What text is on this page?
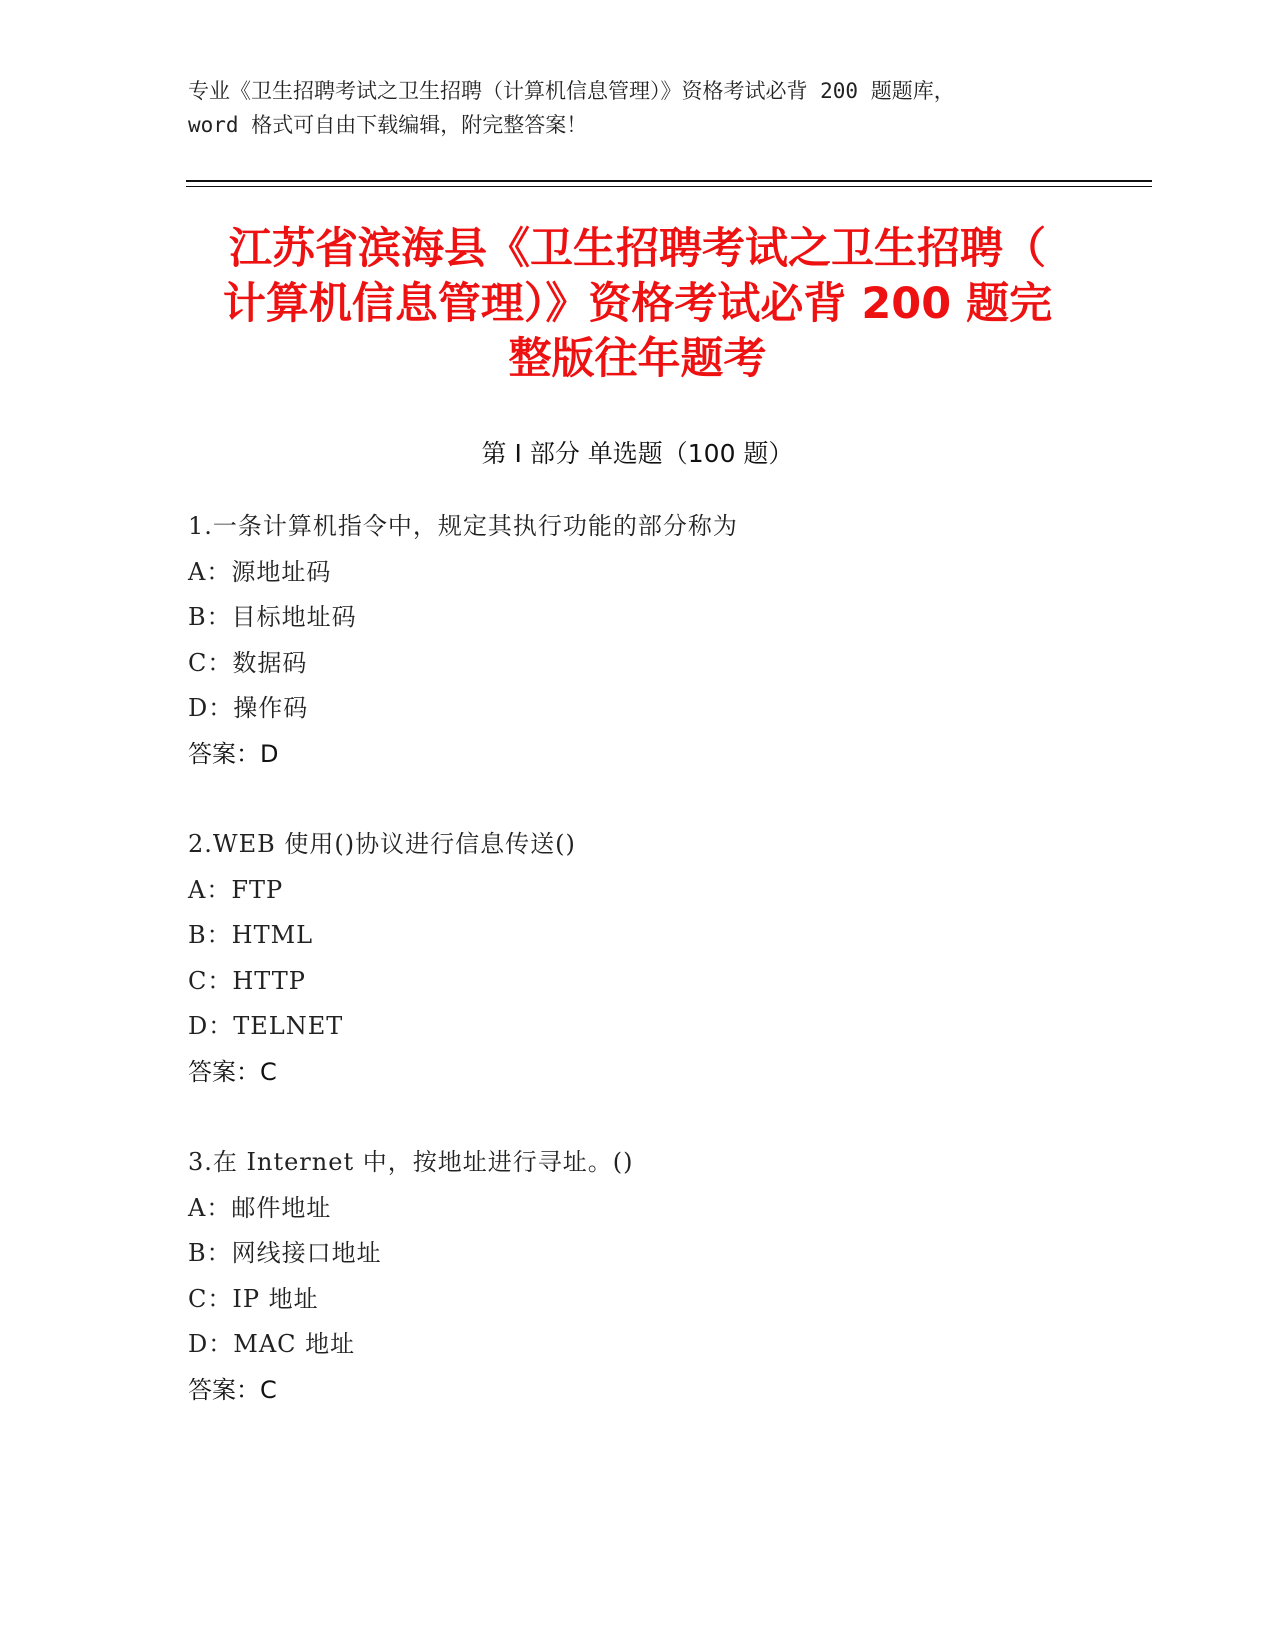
专业《卫生招聘考试之卫生招聘（计算机信息管理）》资格考试必背 200 题题库，
word 格式可自由下载编辑，附完整答案！
江苏省滨海县《卫生招聘考试之卫生招聘（
计算机信息管理）》资格考试必背 200 题完
整版往年题考
第 I 部分 单选题（100 题）
1.一条计算机指令中，规定其执行功能的部分称为
A：源地址码
B：目标地址码
C：数据码
D：操作码
答案：D
2.WEB 使用()协议进行信息传送()
A：FTP
B：HTML
C：HTTP
D：TELNET
答案：C
3.在 Internet 中，按地址进行寻址。()
A：邮件地址
B：网线接口地址
C：IP 地址
D：MAC 地址
答案：C
